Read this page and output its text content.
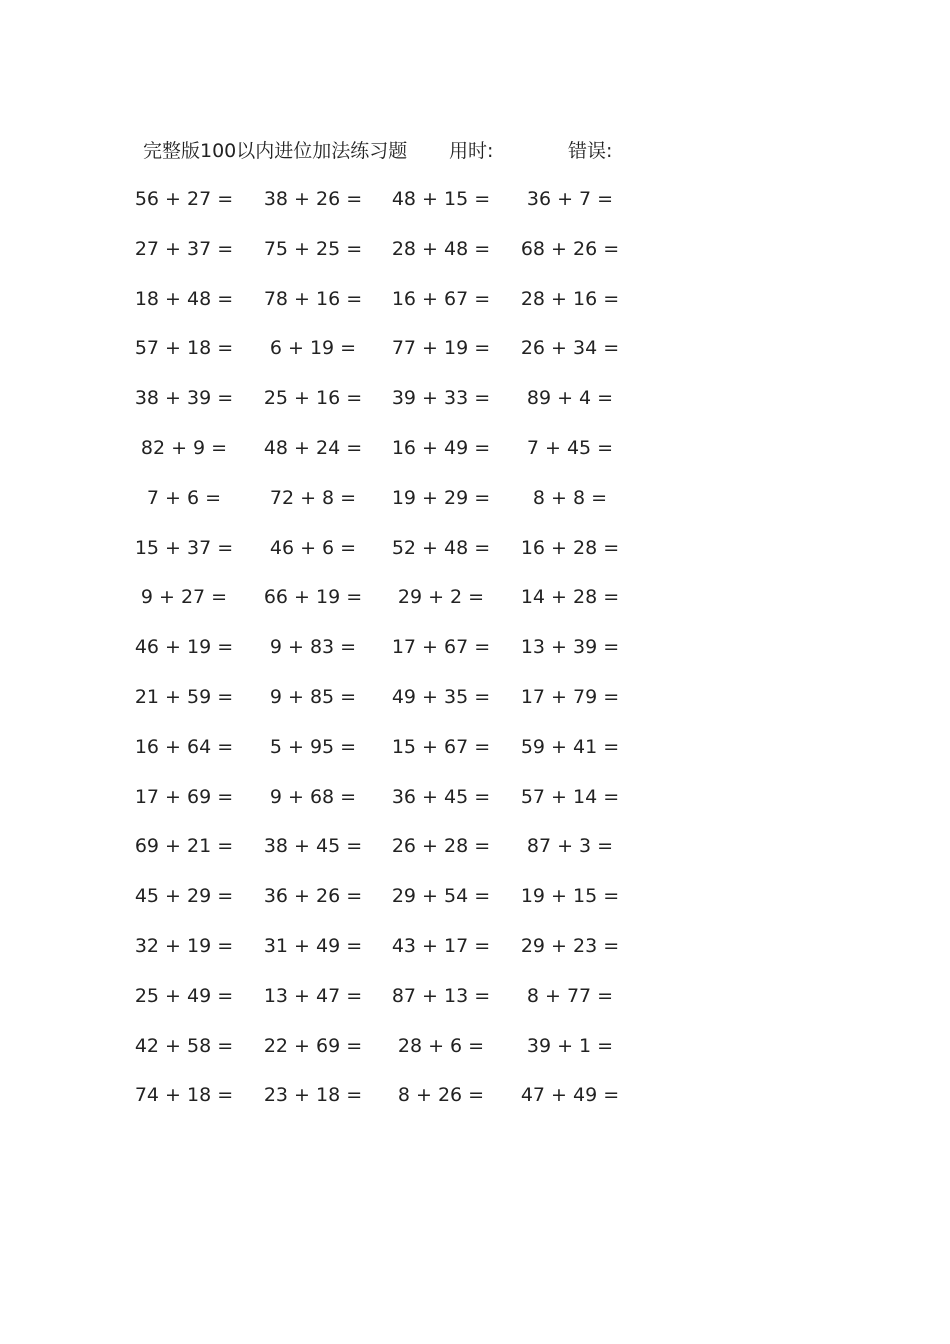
完整版100以内进位加法练习题 用时:	错误:
56 + 27 =	38 + 26 =	48 + 15 =	36 + 7 =
27 + 37 =	75 + 25 =	28 + 48 =	68 + 26 =
18 + 48 =	78 + 16 =	16 + 67 =	28 + 16 =
57 + 18 =	6 + 19 =	77 + 19 =	26 + 34 =
38 + 39 =	25 + 16 =	39 + 33 =	89 + 4 =
82 + 9 =	48 + 24 =	16 + 49 =	7 + 45 =
7 + 6 =	72 + 8 =	19 + 29 =	8 + 8 =
15 + 37 =	46 + 6 =	52 + 48 =	16 + 28 =
9 + 27 =	66 + 19 =	29 + 2 =	14 + 28 =
46 + 19 =	9 + 83 =	17 + 67 =	13 + 39 =
21 + 59 =	9 + 85 =	49 + 35 =	17 + 79 =
16 + 64 =	5 + 95 =	15 + 67 =	59 + 41 =
17 + 69 =	9 + 68 =	36 + 45 =	57 + 14 =
69 + 21 =	38 + 45 =	26 + 28 =	87 + 3 =
45 + 29 =	36 + 26 =	29 + 54 =	19 + 15 =
32 + 19 =	31 + 49 =	43 + 17 =	29 + 23 =
25 + 49 =	13 + 47 =	87 + 13 =	8 + 77 =
42 + 58 =	22 + 69 =	28 + 6 =	39 + 1 =
74 + 18 =	23 + 18 =	8 + 26 =	47 + 49 =
